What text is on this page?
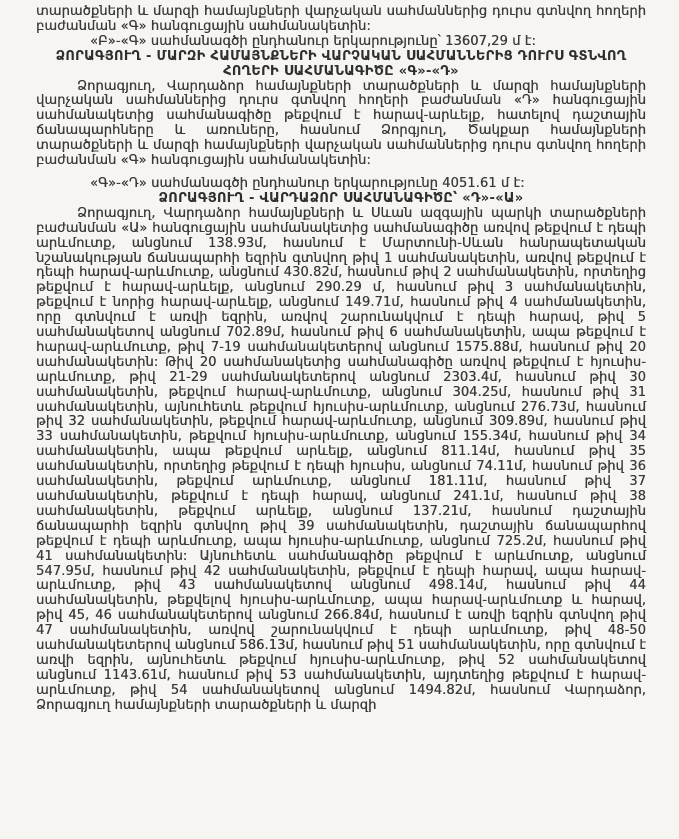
տարածքների և մարզի համայնքների վարչական սահմաններից դուրս գտնվող հողերի բաժանման «Գ» հանգուցային սահմանակետին:

«Բ»-«Գ» սահմանագծի ընդհանուր երկարությունը՝ 13607,29 մ է:

ՁՈՐԱԳՅՈՒՂ - ՄԱՐԶԻ ՀԱՄԱՅՆՔՆԵՐԻ ՎԱՐՉԱԿԱՆ ՍԱՀՄԱՆՆԵՐԻՑ ԴՈՒՐՍ ԳՏՆՎՈՂ ՀՈՂԵՐԻ ՍԱՀՄԱՆԱԳԻԾԸ «Գ»-«Դ»

Ձորագյուղ, Վարդաձոր համայնքների տարածքների և մարզի համայնքների վարչական սահմաններից դուրս գտնվող հողերի բաժանման «Դ» հանգուցային սահմանակետից սահմանագիծը թեքվում է հարավ-արևելք, հատելով դաշտային ճանապարհները և առուները, հասնում Ձորգյուղ, Ծակքար համայնքների տարածքների և մարզի համայնքների վարչական սահմաններից դուրս գտնվող հողերի բաժանման «Գ» հանգուցային սահմանակետին:

«Գ»-«Դ» սահմանագծի ընդհանուր երկարությունը 4051.61 մ է:

ՁՈՐԱԳՅՈՒՂ - ՎԱՐԴԱՁՈՐ ՍԱՀՄԱՆԱԳԻԾԸ՝ «Դ»-«Ա»

Ձորագյուղ, Վարդաձոր համայնքների և Սևան ազգային պարկի տարածքների բաժանման «Ա» հանգուցային սահմանակետից սահմանագիծը առվով թեքվում է դեպի արևմուտք, անցնում 138.93մ, հասնում է Մարտունի-Սևան հանրապետական նշանակության ճանապարհի եզրին գտնվող թիվ 1 սահմանակետին, առվով թեքվում է դեպի հարավ-արևմուտք, անցնում 430.82մ, հասնում թիվ 2 սահմանակետին, որտեղից թեքվում է հարավ-արևելք, անցնում 290.29 մ, հասնում թիվ 3 սահմանակետին, թեքվում է նորից հարավ-արևելք, անցնում 149.71մ, հասնում թիվ 4 սահմանակետին, որը գտնվում է առվի եզրին, առվով շարունակվում է դեպի հարավ, թիվ 5 սահմանակետով անցնում 702.89մ, հասնում թիվ 6 սահմանակետին, ապա թեքվում է հարավ-արևմուտք, թիվ 7-19 սահմանակետերով անցնում 1575.88մ, հասնում թիվ 20 սահմանակետին: Թիվ 20 սահմանակետից սահմանագիծը առվով թեքվում է հյուսիս-արևմուտք, թիվ 21-29 սահմանակետերով անցնում 2303.4մ, հասնում թիվ 30 սահմանակետին, թեքվում հարավ-արևմուտք, անցնում 304.25մ, հասնում թիվ 31 սահմանակետին, այնուհետև թեքվում հյուսիս-արևմուտք, անցնում 276.73մ, հասնում թիվ 32 սահմանակետին, թեքվում հարավ-արևմուտք, անցնում 309.89մ, հասնում թիվ 33 սահմանակետին, թեքվում հյուսիս-արևմուտք, անցնում 155.34մ, հասնում թիվ 34 սահմանակետին, ապա թեքվում արևելք, անցնում 811.14մ, հասնում թիվ 35 սահմանակետին, որտեղից թեքվում է դեպի հյուսիս, անցնում 74.11մ, հասնում թիվ 36 սահմանակետին, թեքվում արևմուտք, անցնում 181.11մ, հասնում թիվ 37 սահմանակետին, թեքվում է դեպի հարավ, անցնում 241.1մ, հասնում թիվ 38 սահմանակետին, թեքվում արևելք, անցնում 137.21մ, հասնում դաշտային ճանապարհի եզրին գտնվող թիվ 39 սահմանակետին, դաշտային ճանապարհով թեքվում է դեպի արևմուտք, ապա հյուսիս-արևմուտք, անցնում 725.2մ, հասնում թիվ 41 սահմանակետին: Այնուհետև սահմանագիծը թեքվում է արևմուտք, անցնում 547.95մ, հասնում թիվ 42 սահմանակետին, թեքվում է դեպի հարավ, ապա հարավ-արևմուտք, թիվ 43 սահմանակետով անցնում 498.14մ, հասնում թիվ 44 սահմանակետին, թեքվելով հյուսիս-արևմուտք, ապա հարավ-արևմուտք և հարավ, թիվ 45, 46 սահմանակետերով անցնում 266.84մ, հասնում է առվի եզրին գտնվող թիվ 47 սահմանակետին, առվով շարունակվում է դեպի արևմուտք, թիվ 48-50 սահմանակետերով անցնում 586.13մ, հասնում թիվ 51 սահմանակետին, որը գտնվում է առվի եզրին, այնուհետև թեքվում հյուսիս-արևմուտք, թիվ 52 սահմանակետով անցնում 1143.61մ, հասնում թիվ 53 սահմանակետին, այդտեղից թեքվում է հարավ-արևմուտք, թիվ 54 սահմանակետով անցնում 1494.82մ, հասնում Վարդաձոր, Ձորագյուղ համայնքների տարածքների և մարզի
